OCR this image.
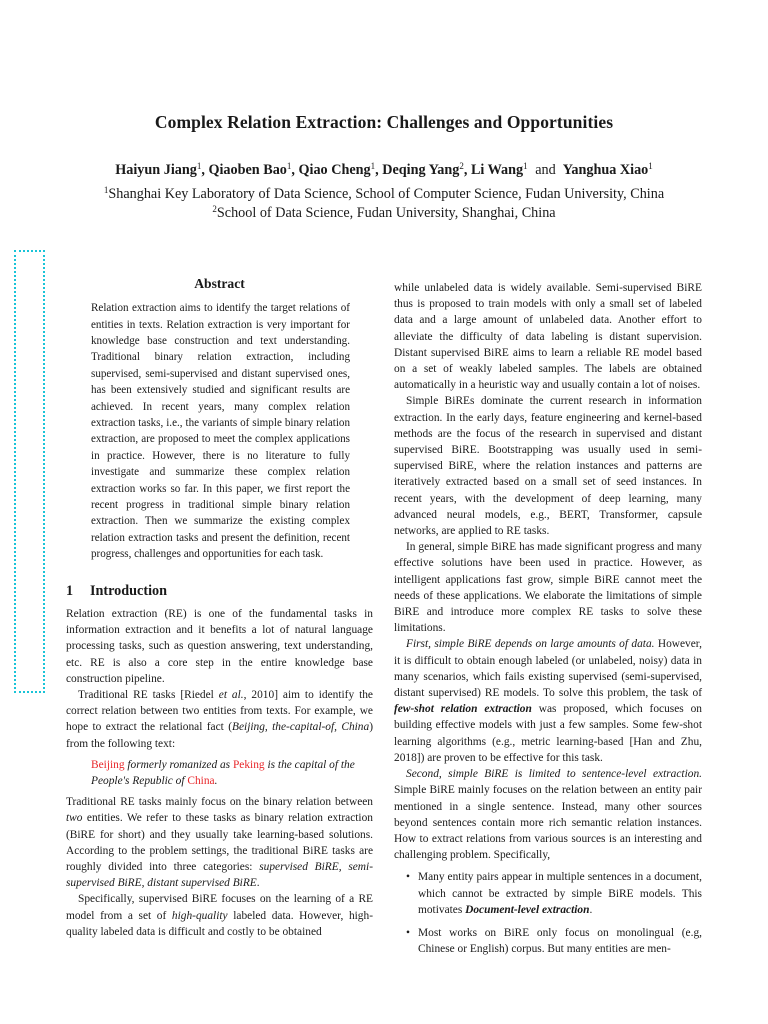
Complex Relation Extraction: Challenges and Opportunities
Haiyun Jiang$^1$, Qiaoben Bao$^1$, Qiao Cheng$^1$, Deqing Yang$^2$, Li Wang$^1$ and Yanghua Xiao$^1$
$^1$Shanghai Key Laboratory of Data Science, School of Computer Science, Fudan University, China
$^2$School of Data Science, Fudan University, Shanghai, China
Abstract

Relation extraction aims to identify the target relations of entities in texts. Relation extraction is very important for knowledge base construction and text understanding. Traditional binary relation extraction, including supervised, semi-supervised and distant supervised ones, has been extensively studied and significant results are achieved. In recent years, many complex relation extraction tasks, i.e., the variants of simple binary relation extraction, are proposed to meet the complex applications in practice. However, there is no literature to fully investigate and summarize these complex relation extraction works so far. In this paper, we first report the recent progress in traditional simple binary relation extraction. Then we summarize the existing complex relation extraction tasks and present the definition, recent progress, challenges and opportunities for each task.

1 Introduction

Relation extraction (RE) is one of the fundamental tasks in information extraction and it benefits a lot of natural language processing tasks, such as question answering, text understanding, etc. RE is also a core step in the entire knowledge base construction pipeline.

Traditional RE tasks [Riedel et al., 2010] aim to identify the correct relation between two entities from texts. For example, we hope to extract the relational fact (Beijing, the-capital-of, China) from the following text:

Beijing formerly romanized as Peking is the capital of the People's Republic of China.

Traditional RE tasks mainly focus on the binary relation between two entities. We refer to these tasks as binary relation extraction (BiRE for short) and they usually take learning-based solutions. According to the problem settings, the traditional BiRE tasks are roughly divided into three categories: supervised BiRE, semi-supervised BiRE, distant supervised BiRE.

Specifically, supervised BiRE focuses on the learning of a RE model from a set of high-quality labeled data. However, high-quality labeled data is difficult and costly to be obtained

while unlabeled data is widely available. Semi-supervised BiRE thus is proposed to train models with only a small set of labeled data and a large amount of unlabeled data. Another effort to alleviate the difficulty of data labeling is distant supervision. Distant supervised BiRE aims to learn a reliable RE model based on a set of weakly labeled samples. The labels are obtained automatically in a heuristic way and usually contain a lot of noises.

Simple BiREs dominate the current research in information extraction. In the early days, feature engineering and kernel-based methods are the focus of the research in supervised and distant supervised BiRE. Bootstrapping was usually used in semi-supervised BiRE, where the relation instances and patterns are iteratively extracted based on a small set of seed instances. In recent years, with the development of deep learning, many advanced neural models, e.g., BERT, Transformer, capsule networks, are applied to RE tasks.

In general, simple BiRE has made significant progress and many effective solutions have been used in practice. However, as intelligent applications fast grow, simple BiRE cannot meet the needs of these applications. We elaborate the limitations of simple BiRE and introduce more complex RE tasks to solve these limitations.

First, simple BiRE depends on large amounts of data. However, it is difficult to obtain enough labeled (or unlabeled, noisy) data in many scenarios, which fails existing supervised (semi-supervised, distant supervised) RE models. To solve this problem, the task of few-shot relation extraction was proposed, which focuses on building effective models with just a few samples. Some few-shot learning algorithms (e.g., metric learning-based [Han and Zhu, 2018]) are proven to be effective for this task.

Second, simple BiRE is limited to sentence-level extraction. Simple BiRE mainly focuses on the relation between an entity pair mentioned in a single sentence. Instead, many other sources beyond sentences contain more rich semantic relation instances. How to extract relations from various sources is an interesting and challenging problem. Specifically,

• Many entity pairs appear in multiple sentences in a document, which cannot be extracted by simple BiRE models. This motivates Document-level extraction.
• Most works on BiRE only focus on monolingual (e.g, Chinese or English) corpus. But many entities are men-
